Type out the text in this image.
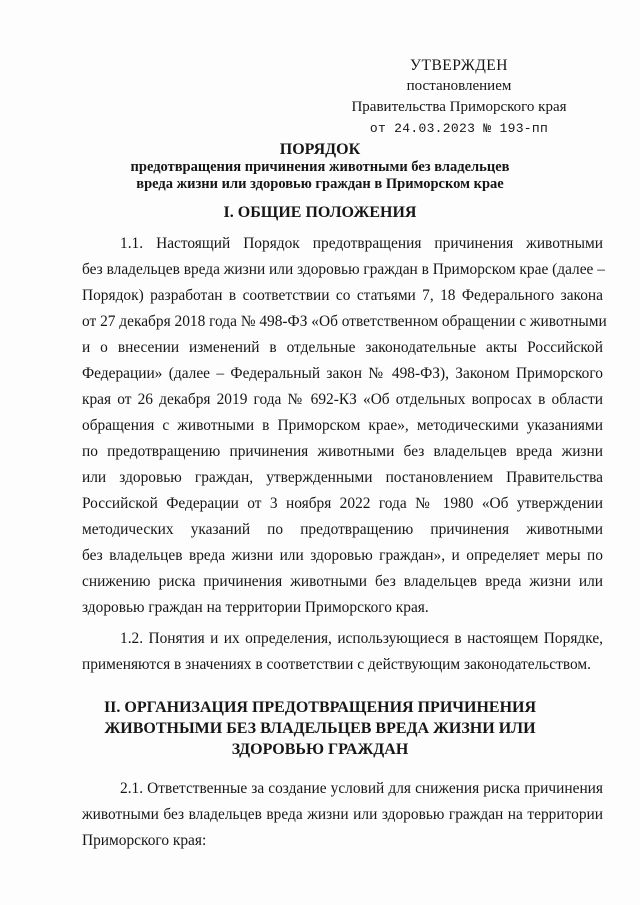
УТВЕРЖДЕН
постановлением
Правительства Приморского края
от 24.03.2023 № 193-пп
ПОРЯДОК
предотвращения причинения животными без владельцев
вреда жизни или здоровью граждан в Приморском крае
I. ОБЩИЕ ПОЛОЖЕНИЯ
1.1. Настоящий Порядок предотвращения причинения животными
без владельцев вреда жизни или здоровью граждан в Приморском крае (далее –
Порядок) разработан в соответствии со статьями 7, 18 Федерального закона
от 27 декабря 2018 года № 498-ФЗ «Об ответственном обращении с животными
и о внесении изменений в отдельные законодательные акты Российской
Федерации» (далее – Федеральный закон № 498-ФЗ), Законом Приморского
края от 26 декабря 2019 года № 692-КЗ «Об отдельных вопросах в области
обращения с животными в Приморском крае», методическими указаниями
по предотвращению причинения животными без владельцев вреда жизни
или здоровью граждан, утвержденными постановлением Правительства
Российской Федерации от 3 ноября 2022 года № 1980 «Об утверждении
методических указаний по предотвращению причинения животными
без владельцев вреда жизни или здоровью граждан», и определяет меры по
снижению риска причинения животными без владельцев вреда жизни или
здоровью граждан на территории Приморского края.
1.2. Понятия и их определения, использующиеся в настоящем Порядке,
применяются в значениях в соответствии с действующим законодательством.
II. ОРГАНИЗАЦИЯ ПРЕДОТВРАЩЕНИЯ ПРИЧИНЕНИЯ
ЖИВОТНЫМИ БЕЗ ВЛАДЕЛЬЦЕВ ВРЕДА ЖИЗНИ ИЛИ
ЗДОРОВЬЮ ГРАЖДАН
2.1. Ответственные за создание условий для снижения риска причинения
животными без владельцев вреда жизни или здоровью граждан на территории
Приморского края:
